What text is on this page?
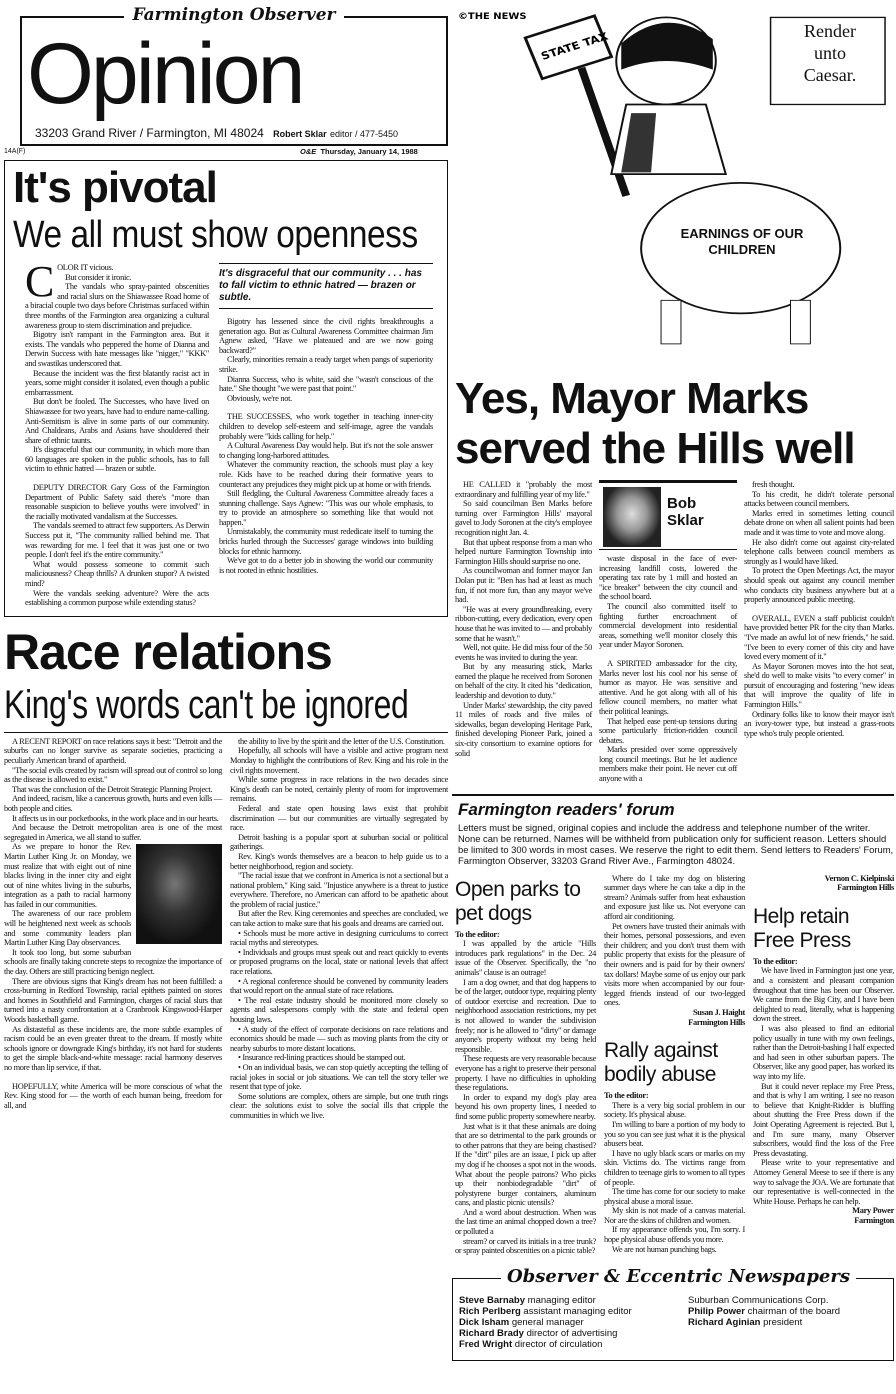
Farmington Observer
Opinion
33203 Grand River / Farmington, MI 48024 Robert Sklar editor / 477-5450
14A(F)	O&E Thursday, January 14, 1988
It's pivotal
We all must show openness
C OLOR IT vicious.

But consider it ironic.

The vandals who spray-painted obscenities and racial slurs on the Shiawassee Road home of a biracial couple two days before Christmas surfaced within three months of the Farmington area organizing a cultural awareness group to stem discrimination and prejudice.

Bigotry isn't rampant in the Farmington area. But it exists. The vandals who peppered the home of Dianna and Derwin Success with hate messages like "nigger," "KKK" and swastikas underscored that.

Because the incident was the first blatantly racist act in years, some might consider it isolated, even though a public embarrassment.

But don't be fooled. The Successes, who have lived on Shiawassee for two years, have had to endure name-calling. Anti-Semitism is alive in some parts of our community. And Chaldeans, Arabs and Asians have shouldered their share of ethnic taunts.

It's disgraceful that our community, in which more than 60 languages are spoken in the public schools, has to fall victim to ethnic hatred — brazen or subtle.

DEPUTY DIRECTOR Gary Goss of the Farmington Department of Public Safety said there's "more than reasonable suspicion to believe youths were involved" in the racially motivated vandalism at the Successes.

The vandals seemed to attract few supporters. As Derwin Success put it, "The community rallied behind me. That was rewarding for me. I feel that it was just one or two people. I don't feel it's the entire community."

What would possess someone to commit such maliciousness? Cheap thrills? A drunken stupor? A twisted mind?

Were the vandals seeking adventure? Were the acts establishing a common purpose while extending status?

It's disgraceful that our community . . . has to fall victim to ethnic hatred — brazen or subtle.

Bigotry has lessened since the civil rights breakthroughs a generation ago. But as Cultural Awareness Committee chairman Jim Agnew asked, "Have we plateaued and are we now going backward?"

Clearly, minorities remain a ready target when pangs of superiority strike.

Dianna Success, who is white, said she "wasn't conscious of the hate." She thought "we were past that point."

Obviously, we're not.

THE SUCCESSES, who work together in teaching inner-city children to develop self-esteem and self-image, agree the vandals probably were "kids calling for help."

A Cultural Awareness Day would help. But it's not the sole answer to changing long-harbored attitudes.

Whatever the community reaction, the schools must play a key role. Kids have to be reached during their formative years to counteract any prejudices they might pick up at home or with friends.

Still fledgling, the Cultural Awareness Committee already faces a stunning challenge. Says Agnew: "This was our whole emphasis, to try to provide an atmosphere so something like that would not happen."

Unmistakably, the community must rededicate itself to turning the bricks hurled through the Successes' garage windows into building blocks for ethnic harmony.

We've got to do a better job in showing the world our community is not rooted in ethnic hostilities.

Race relations
King's words can't be ignored

A RECENT REPORT on race relations says it best: "Detroit and the suburbs can no longer survive as separate societies, practicing a peculiarly American brand of apartheid.

"The social evils created by racism will spread out of control so long as the disease is allowed to exist."

That was the conclusion of the Detroit Strategic Planning Project.

And indeed, racism, like a cancerous growth, hurts and even kills — both people and cities.

It affects us in our pocketbooks, in the work place and in our hearts.

And because the Detroit metropolitan area is one of the most segregated in America, we all stand to suffer.

As we prepare to honor the Rev. Martin Luther King Jr. on Monday, we must realize that with eight out of nine blacks living in the inner city and eight out of nine whites living in the suburbs, integration as a path to racial harmony has failed in our communities.

The awareness of our race problem will be heightened next week as schools and some community leaders plan Martin Luther King Day observances.

It took too long, but some suburban schools are finally taking concrete steps to recognize the importance of the day. Others are still practicing benign neglect.

There are obvious signs that King's dream has not been fulfilled: a cross-burning in Redford Township, racial epithets painted on stores and homes in Southfield and Farmington, charges of racial slurs that turned into a nasty confrontation at a Cranbrook Kingswood-Harper Woods basketball game.

As distasteful as these incidents are, the more subtle examples of racism could be an even greater threat to the dream. If mostly white schools ignore or downgrade King's birthday, it's not hard for students to get the simple black-and-white message: racial harmony deserves no more than lip service, if that.

HOPEFULLY, white America will be more conscious of what the Rev. King stood for — the worth of each human being, freedom for all, and

the ability to live by the spirit and the letter of the U.S. Constitution.

Hopefully, all schools will have a visible and active program next Monday to highlight the contributions of Rev. King and his role in the civil rights movement.

While some progress in race relations in the two decades since King's death can be noted, certainly plenty of room for improvement remains.

Federal and state open housing laws exist that prohibit discrimination — but our communities are virtually segregated by race.

Detroit bashing is a popular sport at suburban social or political gatherings.

Rev. King's words themselves are a beacon to help guide us to a better neighborhood, region and society.

"The racial issue that we confront in America is not a sectional but a national problem," King said. "Injustice anywhere is a threat to justice everywhere. Therefore, no American can afford to be apathetic about the problem of racial justice."

But after the Rev. King ceremonies and speeches are concluded, we can take action to make sure that his goals and dreams are carried out.

• Schools must be more active in designing curriculums to correct racial myths and stereotypes.

• Individuals and groups must speak out and react quickly to events or proposed programs on the local, state or national levels that affect race relations.

• A regional conference should be convened by community leaders that would report on the annual state of race relations.

• The real estate industry should be monitored more closely so agents and salespersons comply with the state and federal open housing laws.

• A study of the effect of corporate decisions on race relations and economics should be made — such as moving plants from the city or nearby suburbs to more distant locations.

• Insurance red-lining practices should be stamped out.

• On an individual basis, we can stop quietly accepting the telling of racial jokes in social or job situations. We can tell the story teller we resent that type of joke.

Some solutions are complex, others are simple, but one truth rings clear: the solutions exist to solve the social ills that cripple the communities in which we live.

©THE NEWS
STATE TAX	Render unto Caesar.
EARNINGS OF OUR CHILDREN
Yes, Mayor Marks served the Hills well

HE CALLED it "probably the most extraordinary and fulfilling year of my life."

So said councilman Ben Marks before turning over Farmington Hills' mayoral gavel to Jody Soronen at the city's employee recognition night Jan. 4.

But that upbeat response from a man who helped nurture Farmington Township into Farmington Hills should surprise no one.

As councilwoman and former mayor Jan Dolan put it: "Ben has had at least as much fun, if not more fun, than any mayor we've had.

"He was at every groundbreaking, every ribbon-cutting, every dedication, every open house that he was invited to — and probably some that he wasn't."

Well, not quite. He did miss four of the 50 events he was invited to during the year.

But by any measuring stick, Marks earned the plaque he received from Soronen on behalf of the city. It cited his "dedication, leadership and devotion to duty."

Under Marks' stewardship, the city paved 11 miles of roads and five miles of sidewalks, began developing Heritage Park, finished developing Pioneer Park, joined a six-city consortium to examine options for solid

Bob Sklar

waste disposal in the face of ever-increasing landfill costs, lowered the operating tax rate by 1 mill and hosted an "ice breaker" between the city council and the school board.

The council also committed itself to fighting further encroachment of commercial development into residential areas, something we'll monitor closely this year under Mayor Soronen.

A SPIRITED ambassador for the city, Marks never lost his cool nor his sense of humor as mayor. He was sensitive and attentive. And he got along with all of his fellow council members, no matter what their political leanings.

That helped ease pent-up tensions during some particularly friction-ridden council debates.

Marks presided over some oppressively long council meetings. But he let audience members make their point. He never cut off anyone with a

fresh thought.

To his credit, he didn't tolerate personal attacks between council members.

Marks erred in sometimes letting council debate drone on when all salient points had been made and it was time to vote and move along.

He also didn't come out against city-related telephone calls between council members as strongly as I would have liked.

To protect the Open Meetings Act, the mayor should speak out against any council member who conducts city business anywhere but at a properly announced public meeting.

OVERALL, EVEN a staff publicist couldn't have provided better PR for the city than Marks. "I've made an awful lot of new friends," he said. "I've been to every corner of this city and have loved every moment of it."

As Mayor Soronen moves into the hot seat, she'd do well to make visits "to every corner" in pursuit of encouraging and fostering "new ideas that will improve the quality of life in Farmington Hills."

Ordinary folks like to know their mayor isn't an ivory-tower type, but instead a grass-roots type who's truly people oriented.

Farmington readers' forum
Letters must be signed, original copies and include the address and telephone number of the writer. None can be returned. Names will be withheld from publication only for sufficient reason. Letters should be limited to 300 words in most cases. We reserve the right to edit them. Send letters to Readers' Forum, Farmington Observer, 33203 Grand River Ave., Farmington 48024.
Open parks to pet dogs
To the editor:

I was appalled by the article "Hills introduces park regulations" in the Dec. 24 issue of the Observer. Specifically, the "no animals" clause is an outrage!

I am a dog owner, and that dog happens to be of the larger, outdoor type, requiring plenty of outdoor exercise and recreation. Due to neighborhood association restrictions, my pet is not allowed to wander the subdivision freely; nor is he allowed to "dirty" or damage anyone's property without my being held responsible.

These requests are very reasonable because everyone has a right to preserve their personal property. I have no difficulties in upholding these regulations.

In order to expand my dog's play area beyond his own property lines, I needed to find some public property somewhere nearby.

Just what is it that these animals are doing that are so detrimental to the park grounds or to other patrons that they are being chastised? If the "dirt" piles are an issue, I pick up after my dog if he chooses a spot not in the woods. What about the people patrons? Who picks up their nonbiodegradable "dirt" of polystyrene burger containers, aluminum cans, and plastic picnic utensils?

And a word about destruction. When was the last time an animal chopped down a tree? or polluted a

stream? or carved its initials in a tree trunk? or spray painted obscenities on a picnic table?

Where do I take my dog on blistering summer days where he can take a dip in the stream? Animals suffer from heat exhaustion and exposure just like us. Not everyone can afford air conditioning.

Pet owners have trusted their animals with their homes, personal possessions, and even their children; and you don't trust them with public property that exists for the pleasure of their owners and is paid for by their owners' tax dollars! Maybe some of us enjoy our park visits more when accompanied by our four-legged friends instead of our two-legged ones.

Susan J. Haight
Farmington Hills
Rally against bodily abuse
To the editor:

There is a very big social problem in our society. It's physical abuse.

I'm willing to bare a portion of my body to you so you can see just what it is the physical abusers beat.

I have no ugly black scars or marks on my skin. Victims do. The victims range from children to teenage girls to women to all types of people.

The time has come for our society to make physical abuse a moral issue.

My skin is not made of a canvas material. Nor are the skins of children and women.

If my appearance offends you, I'm sorry. I hope physical abuse offends you more.

We are not human punching bags.

Vernon C. Kielpinski
Farmington Hills
Help retain Free Press
To the editor:

We have lived in Farmington just one year, and a consistent and pleasant companion throughout that time has been our Observer. We came from the Big City, and I have been delighted to read, literally, what is happening down the street.

I was also pleased to find an editorial policy usually in tune with my own feelings, rather than the Detroit-bashing I half expected and had seen in other suburban papers. The Observer, like any good paper, has worked its way into my life.

But it could never replace my Free Press, and that is why I am writing. I see no reason to believe that Knight-Ridder is bluffing about shutting the Free Press down if the Joint Operating Agreement is rejected. But I, and I'm sure many, many Observer subscribers, would find the loss of the Free Press devastating.

Please write to your representative and Attorney General Meese to see if there is any way to salvage the JOA. We are fortunate that our representative is well-connected in the White House. Perhaps he can help.

Mary Power
Farmington
Observer & Eccentric Newspapers
Steve Barnaby managing editor
Rich Perlberg assistant managing editor
Dick Isham general manager
Richard Brady director of advertising
Fred Wright director of circulation
Suburban Communications Corp.
Philip Power chairman of the board
Richard Aginian president
